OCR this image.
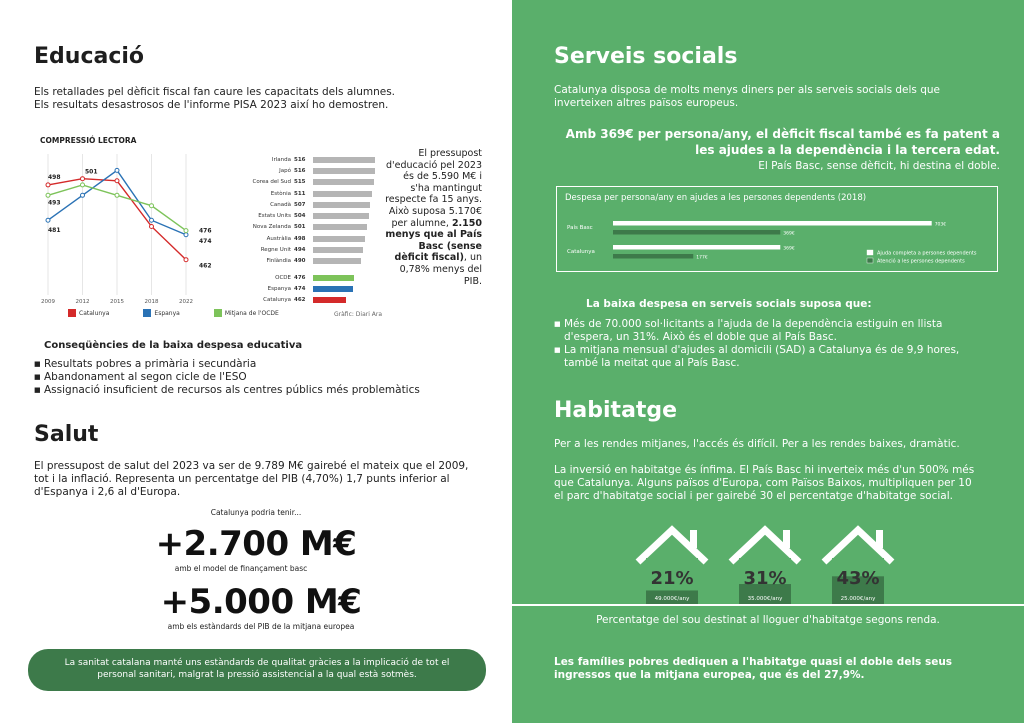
Educació
Els retallades pel dèficit fiscal fan caure les capacitats dels alumnes.
Els resultats desastrosos de l'informe PISA 2023 així ho demostren.
COMPRESSIÓ LECTORA
498
501
493
481	476
474
462
2009	2012	2015	2018	2022
Catalunya	Espanya	Mitjana de l'OCDE
Irlanda 516
Japó 516
Corea del Sud 515
Estònia 511
Canadà 507
Estats Units 504
Nova Zelanda 501
Austràlia 498
Regne Unit 494
Finlàndia 490
OCDE 476
Espanya 474
Catalunya 462
Gràfic: Diari Ara
El pressupost d'educació pel 2023 és de 5.590 M€ i s'ha mantingut respecte fa 15 anys. Això suposa 5.170€ per alumne, 2.150 menys que al País Basc (sense dèficit fiscal), un 0,78% menys del PIB.
Conseqüències de la baixa despesa educativa
■ Resultats pobres a primària i secundària
■ Abandonament al segon cicle de l'ESO
■ Assignació insuficient de recursos als centres públics més problemàtics
Salut
El pressupost de salut del 2023 va ser de 9.789 M€ gairebé el mateix que el 2009, tot i la inflació. Representa un percentatge del PIB (4,70%) 1,7 punts inferior al d'Espanya i 2,6 al d'Europa.
Catalunya podria tenir...
+2.700 M€
amb el model de finançament basc
+5.000 M€
amb els estàndards del PIB de la mitjana europea
La sanitat catalana manté uns estàndards de qualitat gràcies a la implicació de tot el personal sanitari, malgrat la pressió assistencial a la qual està sotmès.
Serveis socials
Catalunya disposa de molts menys diners per als serveis socials dels que inverteixen altres països europeus.
Amb 369€ per persona/any, el dèficit fiscal també es fa patent a les ajudes a la dependència i la tercera edat.
El País Basc, sense dèficit, hi destina el doble.
Despesa per persona/any en ajudes a les persones dependents (2018)
País Basc	703€
369€
Catalunya	369€
177€
Ajuda completa a persones dependents
Atenció a les persones dependents
La baixa despesa en serveis socials suposa que:
■ Més de 70.000 sol·licitants a l'ajuda de la dependència estiguin en llista d'espera, un 31%. Això és el doble que al País Basc.
■ La mitjana mensual d'ajudes al domicili (SAD) a Catalunya és de 9,9 hores, també la meitat que al País Basc.
Habitatge
Per a les rendes mitjanes, l'accés és difícil. Per a les rendes baixes, dramàtic.
La inversió en habitatge és ínfima. El País Basc hi inverteix més d'un 500% més que Catalunya. Alguns països d'Europa, com Països Baixos, multipliquen per 10 el parc d'habitatge social i per gairebé 30 el percentatge d'habitatge social.
21%
49.000€/any
31%
35.000€/any
43%
25.000€/any
Percentatge del sou destinat al lloguer d'habitatge segons renda.
Les famílies pobres dediquen a l'habitatge quasi el doble dels seus ingressos que la mitjana europea, que és del 27,9%.
